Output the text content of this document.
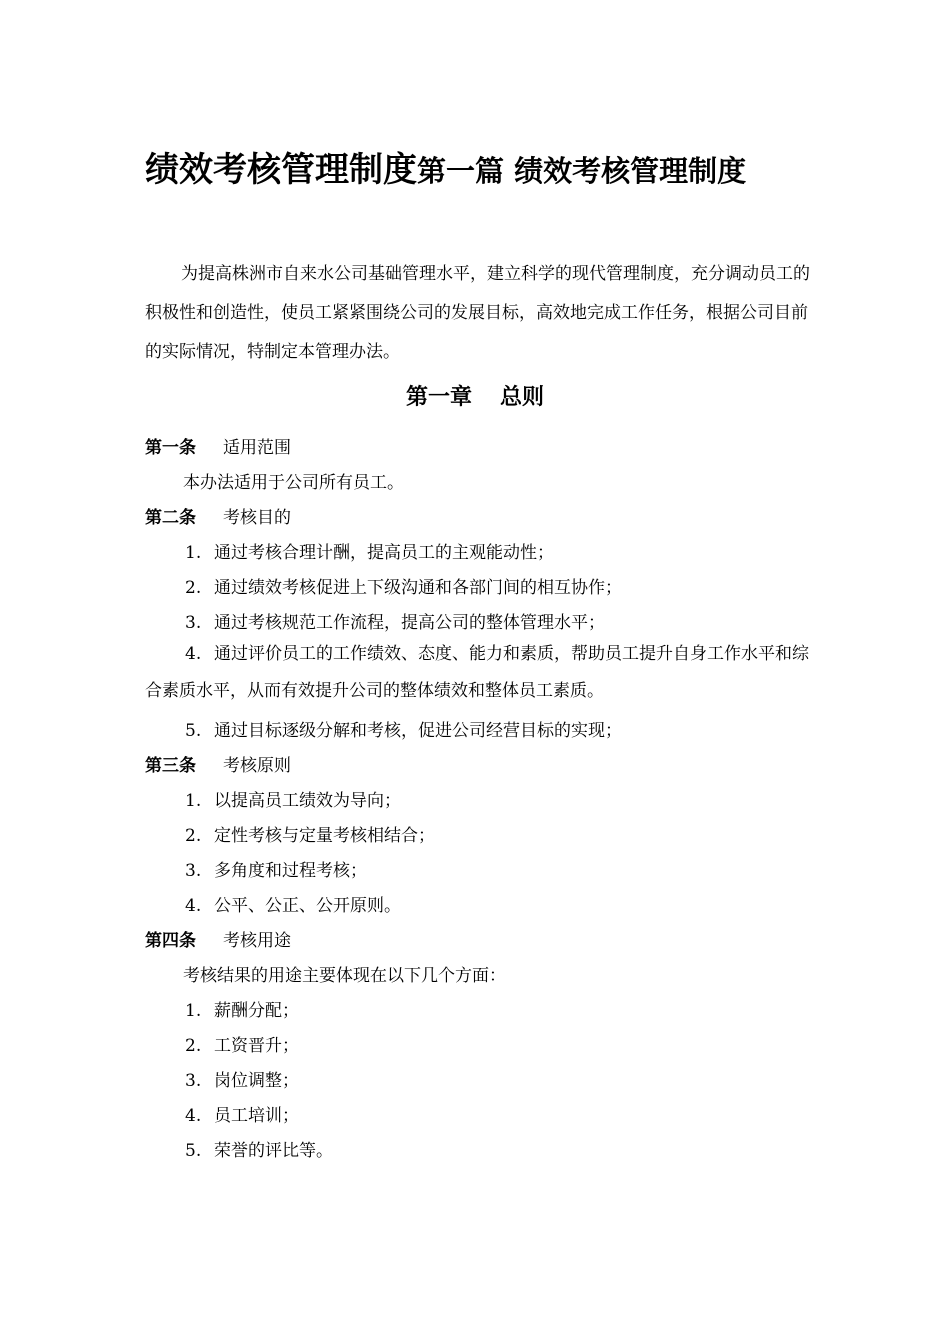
绩效考核管理制度第一篇 绩效考核管理制度
为提高株洲市自来水公司基础管理水平，建立科学的现代管理制度，充分调动员工的积极性和创造性，使员工紧紧围绕公司的发展目标，高效地完成工作任务，根据公司目前的实际情况，特制定本管理办法。
第一章 总则
第一条 适用范围
本办法适用于公司所有员工。
第二条 考核目的
1. 通过考核合理计酬，提高员工的主观能动性；
2. 通过绩效考核促进上下级沟通和各部门间的相互协作；
3. 通过考核规范工作流程，提高公司的整体管理水平；
4. 通过评价员工的工作绩效、态度、能力和素质，帮助员工提升自身工作水平和综合素质水平，从而有效提升公司的整体绩效和整体员工素质。
5. 通过目标逐级分解和考核，促进公司经营目标的实现；
第三条 考核原则
1. 以提高员工绩效为导向；
2. 定性考核与定量考核相结合；
3. 多角度和过程考核；
4. 公平、公正、公开原则。
第四条 考核用途
考核结果的用途主要体现在以下几个方面：
1. 薪酬分配；
2. 工资晋升；
3. 岗位调整；
4. 员工培训；
5. 荣誉的评比等。
